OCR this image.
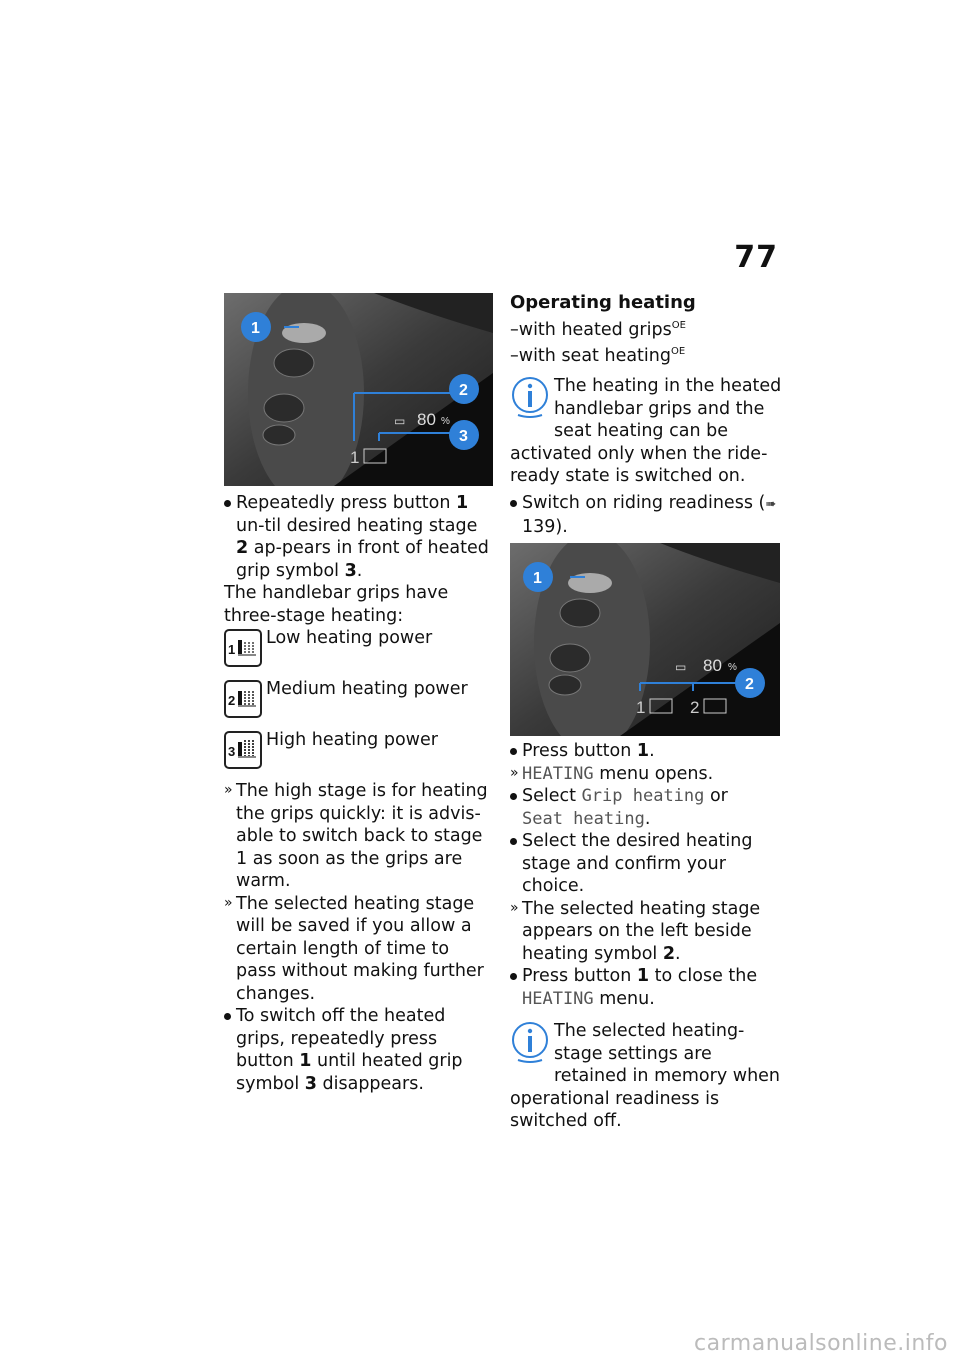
77
▭ 80 %
1
1
2
3
Repeatedly press button 1 un-til desired heating stage 2 ap-pears in front of heated grip symbol 3.

The handlebar grips have three-stage heating:

1
Low heating power
2
Medium heating power
3
High heating power
» The high stage is for heating the grips quickly: it is advis-able to switch back to stage 1 as soon as the grips are warm.
» The selected heating stage will be saved if you allow a certain length of time to pass without making further changes.
To switch off the heated grips, repeatedly press button 1 until heated grip symbol 3 disappears.
Operating heating

–with heated grips$^{OE}$

–with seat heating$^{OE}$

The heating in the heated handlebar grips and the seat heating can be activated only when the ride-ready state is switched on.
Switch on riding readiness (➠ 139).
▭ 80 %
1	2
1
2
Press button 1.
» HEATING menu opens.
Select Grip heating or
Seat heating.
Select the desired heating stage and confirm your choice.
» The selected heating stage appears on the left beside heating symbol 2.
Press button 1 to close the
HEATING menu.
The selected heating-stage settings are retained in memory when operational readiness is switched off.
carmanualsonline.info
